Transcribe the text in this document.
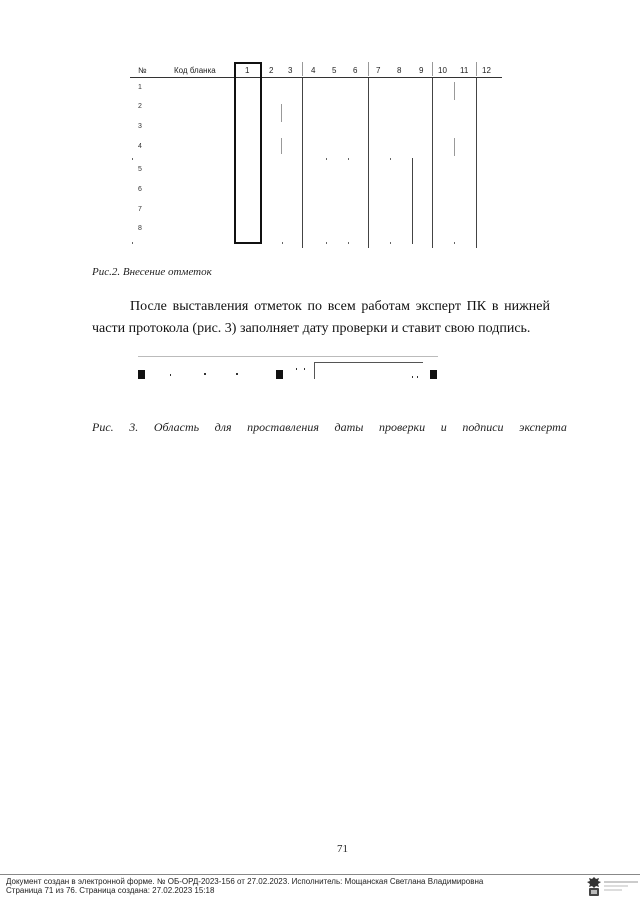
№	Код бланка	1 2 3 4 5 6 7 8 9 10 11 12
1
2
3
4
5
6
7
8
Рис.2. Внесение отметок
После выставления отметок по всем работам эксперт ПК в нижней части протокола (рис. 3) заполняет дату проверки и ставит свою подпись.
Рис. 3. Область для проставления даты проверки и подписи эксперта
71
Документ создан в электронной форме. № ОБ-ОРД-2023-156 от 27.02.2023. Исполнитель: Мощанская Светлана Владимировна
Страница 71 из 76. Страница создана: 27.02.2023 15:18
